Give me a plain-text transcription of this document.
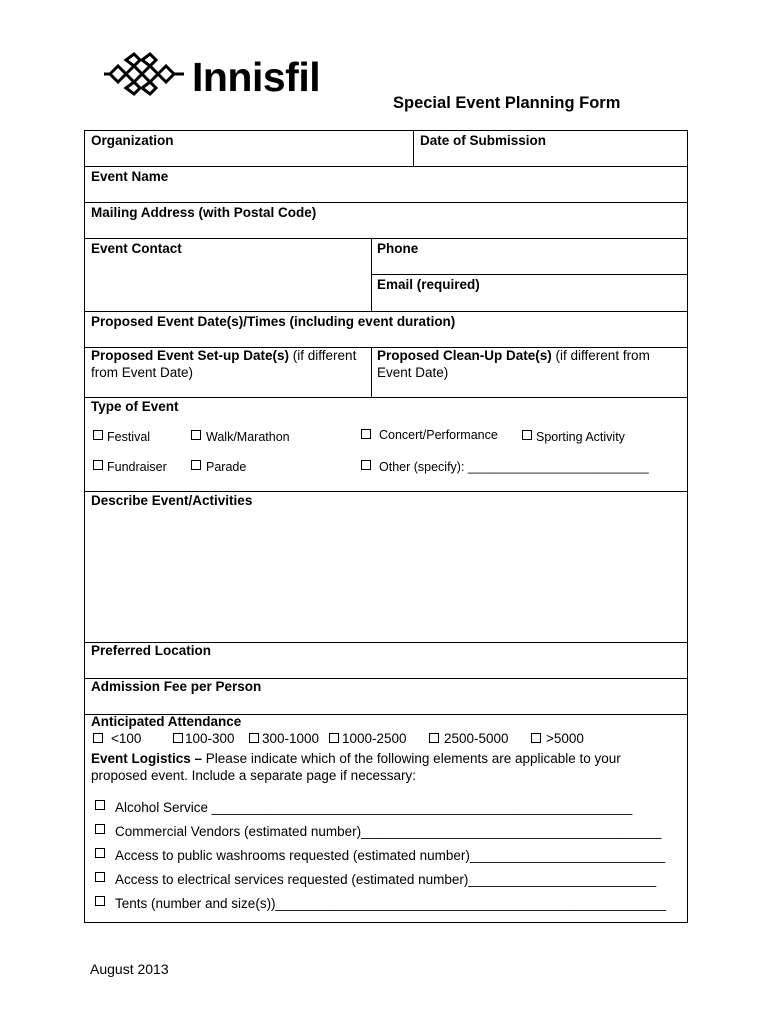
Innisfil
Special Event Planning Form
Organization	Date of Submission
Event Name
Mailing Address (with Postal Code)
Event Contact	Phone
Email (required)
Proposed Event Date(s)/Times (including event duration)
Proposed Event Set-up Date(s) (if different
from Event Date)
Proposed Clean-Up Date(s) (if different from
Event Date)
Type of Event
Festival	Walk/Marathon	Concert/Performance	Sporting Activity
Fundraiser	Parade	Other (specify): __________________________
Describe Event/Activities
Preferred Location
Admission Fee per Person
Anticipated Attendance
<100	100-300 300-1000 1000-2500	2500-5000	>5000
Event Logistics – Please indicate which of the following elements are applicable to your
proposed event. Include a separate page if necessary:
Alcohol Service ________________________________________________________
Commercial Vendors (estimated number)________________________________________
Access to public washrooms requested (estimated number)__________________________
Access to electrical services requested (estimated number)_________________________
Tents (number and size(s))____________________________________________________
August 2013
